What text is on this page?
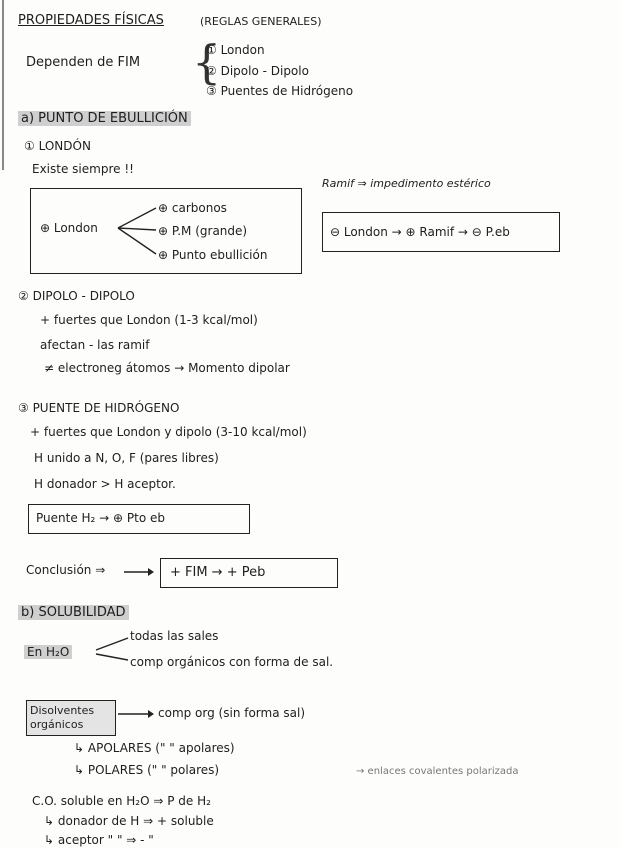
PROPIEDADES FÍSICAS	(REGLAS GENERALES)
Dependen de FIM {
① London
② Dipolo - Dipolo
③ Puentes de Hidrógeno
a) PUNTO DE EBULLICIÓN
① LONDÓN
Existe siempre !!
Ramif ⇒ impedimento estérico
⊕ London
⊕ carbonos
⊕ P.M (grande)
⊕ Punto ebullición
⊖ London → ⊕ Ramif → ⊖ P.eb
② DIPOLO - DIPOLO
+ fuertes que London (1-3 kcal/mol)
afectan - las ramif
≠ electroneg átomos → Momento dipolar
③ PUENTE DE HIDRÓGENO
+ fuertes que London y dipolo (3-10 kcal/mol)
H unido a N, O, F (pares libres)
H donador > H aceptor.
Puente H₂ → ⊕ Pto eb
Conclusión ⇒	+ FIM → + Peb
b) SOLUBILIDAD
En H₂O
todas las sales
comp orgánicos con forma de sal.
Disolventes orgánicos
comp org (sin forma sal)
↳ APOLARES (" " apolares)
↳ POLARES (" " polares)	→ enlaces covalentes polarizada
C.O. soluble en H₂O ⇒ P de H₂
↳ donador de H ⇒ + soluble
↳ aceptor " " ⇒ - "
